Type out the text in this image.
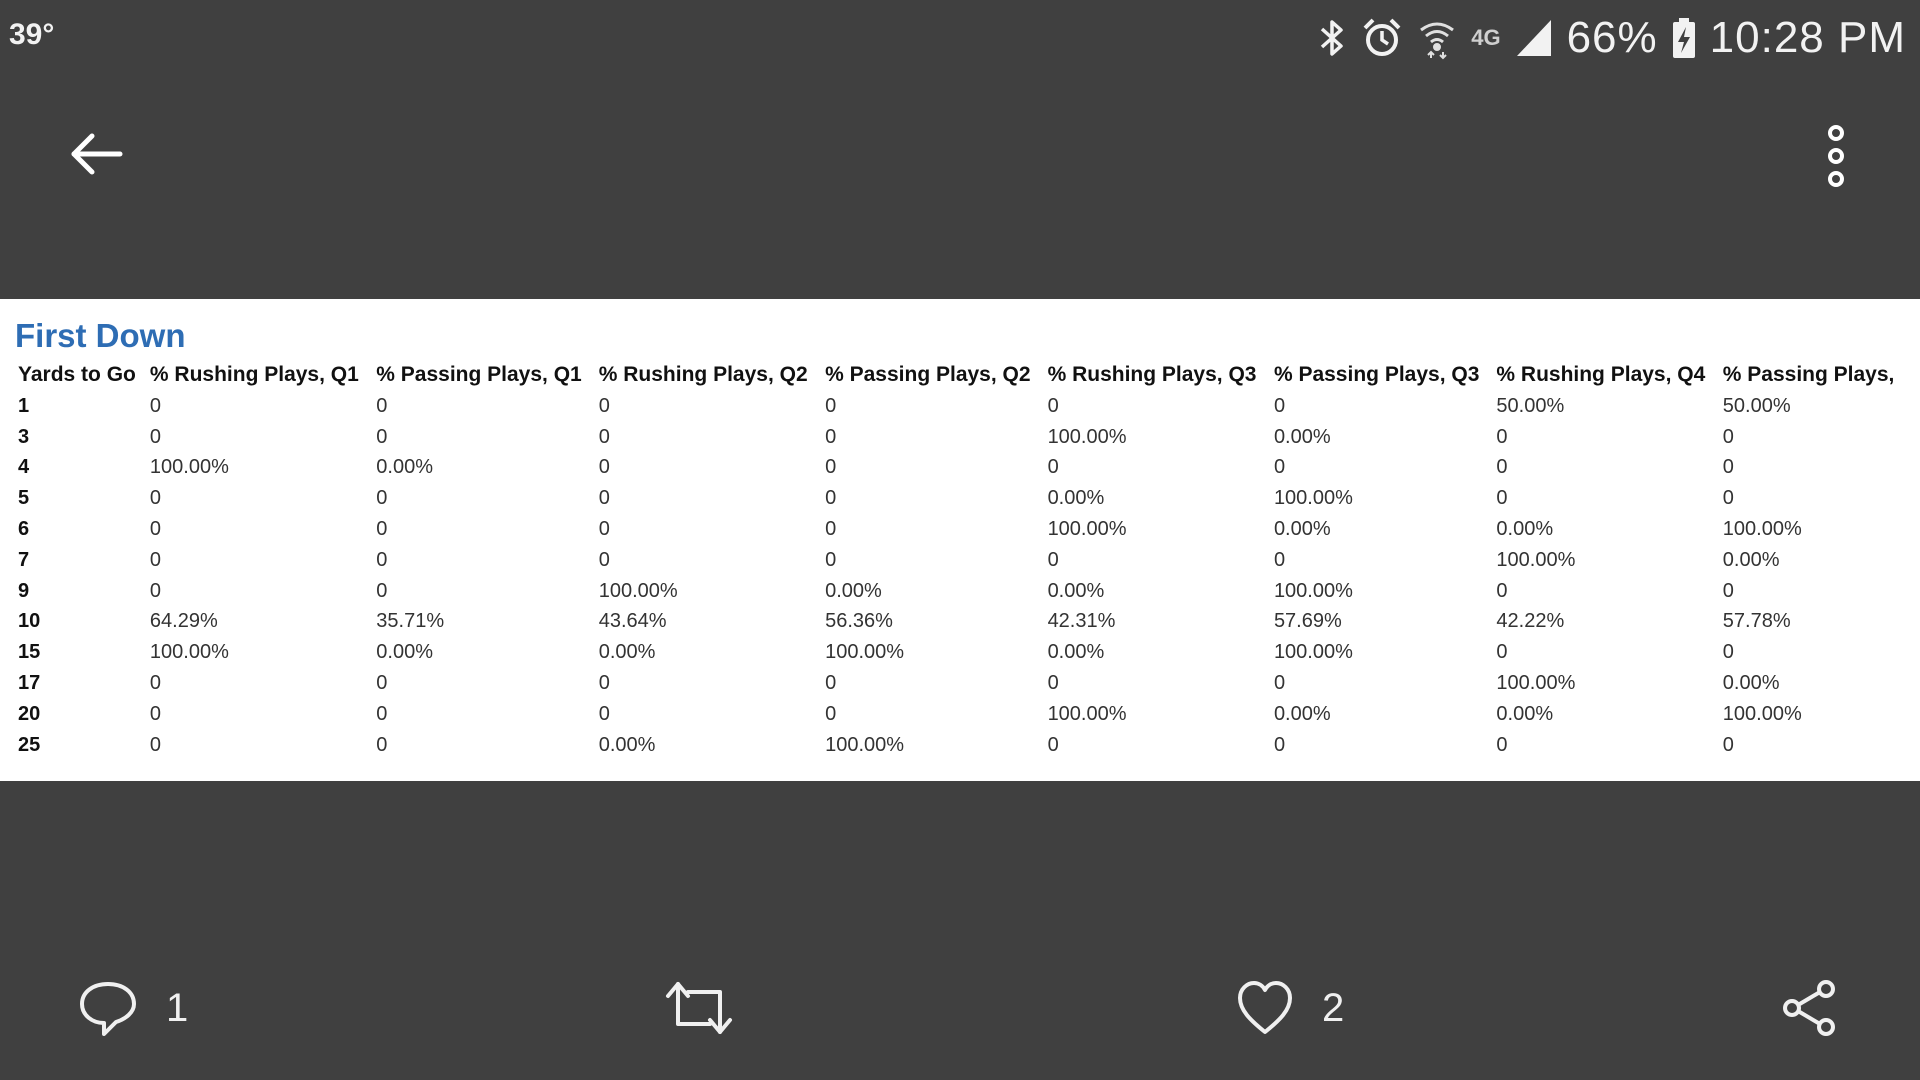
39°	4G 66% 10:28 PM
First Down
Yards to Go	% Rushing Plays, Q1	% Passing Plays, Q1	% Rushing Plays, Q2	% Passing Plays, Q2	% Rushing Plays, Q3	% Passing Plays, Q3	% Rushing Plays, Q4	% Passing Plays,
1	0	0	0	0	0	0	50.00%	50.00%
3	0	0	0	0	100.00%	0.00%	0	0
4	100.00%	0.00%	0	0	0	0	0	0
5	0	0	0	0	0.00%	100.00%	0	0
6	0	0	0	0	100.00%	0.00%	0.00%	100.00%
7	0	0	0	0	0	0	100.00%	0.00%
9	0	0	100.00%	0.00%	0.00%	100.00%	0	0
10	64.29%	35.71%	43.64%	56.36%	42.31%	57.69%	42.22%	57.78%
15	100.00%	0.00%	0.00%	100.00%	0.00%	100.00%	0	0
17	0	0	0	0	0	0	100.00%	0.00%
20	0	0	0	0	100.00%	0.00%	0.00%	100.00%
25	0	0	0.00%	100.00%	0	0	0	0
1	2
